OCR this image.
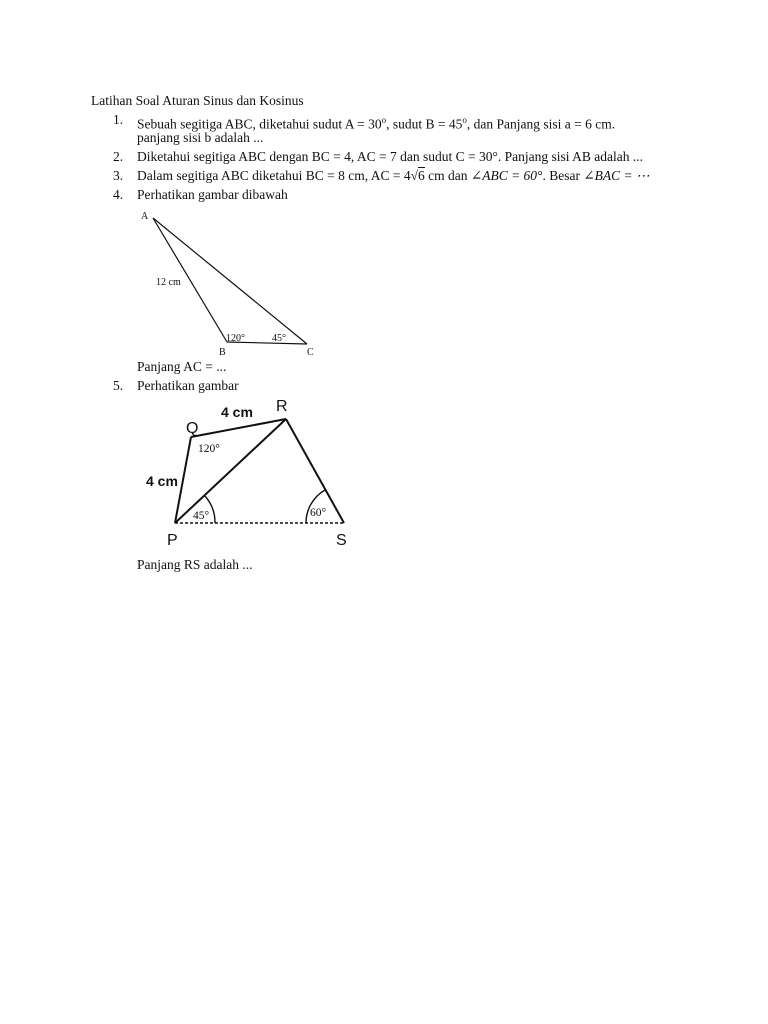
Latihan Soal Aturan Sinus dan Kosinus
1. Sebuah segitiga ABC, diketahui sudut $A = 30^o$, sudut $B = 45^o$, dan Panjang sisi a = 6 cm.
panjang sisi b adalah ...
2. Diketahui segitiga ABC dengan BC = 4, AC = 7 dan sudut C = 30°. Panjang sisi AB adalah ...
3. Dalam segitiga ABC diketahui BC = 8 cm, AC = 4√6 cm dan ∠ABC = 60°. Besar ∠BAC = ⋯
4. Perhatikan gambar dibawah
A
B	C
12 cm
120°	45°
Panjang AC = ...
5. Perhatikan gambar
4 cm
4 cm
120°
45°	60°
Q
R
P	S
Panjang RS adalah ...
